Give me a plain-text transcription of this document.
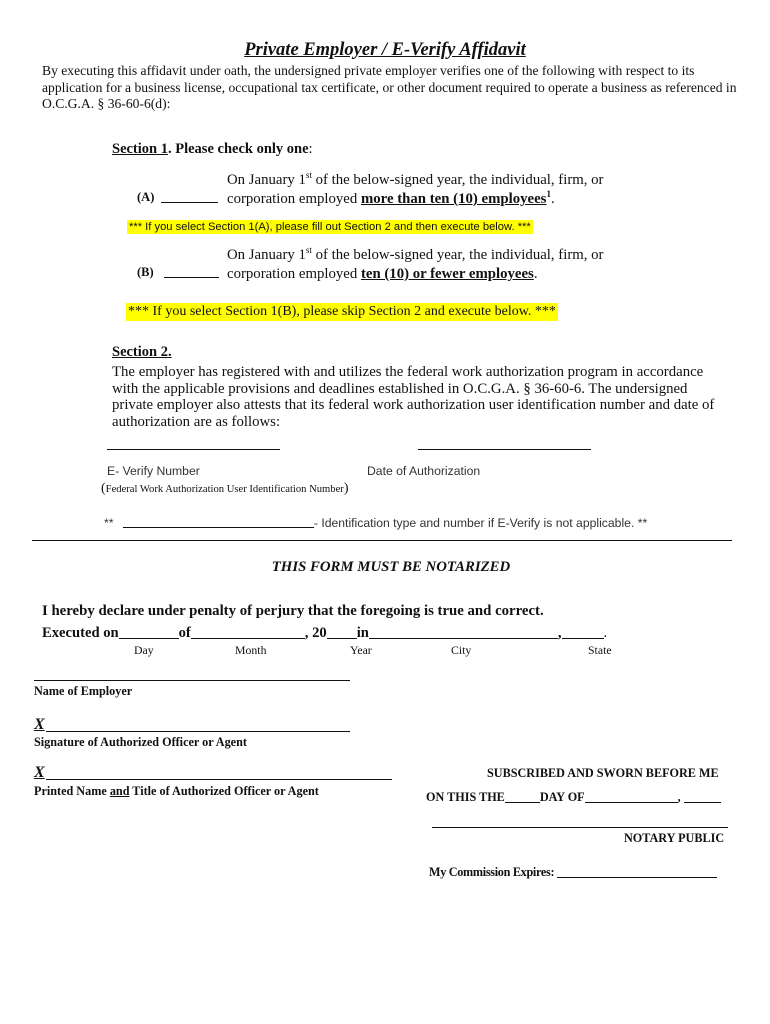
Private Employer / E-Verify Affidavit
By executing this affidavit under oath, the undersigned private employer verifies one of the following with respect to its application for a business license, occupational tax certificate, or other document required to operate a business as referenced in O.C.G.A. § 36-60-6(d):
Section 1. Please check only one:
(A)
On January 1st of the below-signed year, the individual, firm, or
corporation employed more than ten (10) employees$^1$.
*** If you select Section 1(A), please fill out Section 2 and then execute below. ***
(B)
On January 1st of the below-signed year, the individual, firm, or
corporation employed ten (10) or fewer employees.
*** If you select Section 1(B), please skip Section 2 and execute below. ***
Section 2.
The employer has registered with and utilizes the federal work authorization program in accordance with the applicable provisions and deadlines established in O.C.G.A. § 36-60-6. The undersigned private employer also attests that its federal work authorization user identification number and date of authorization are as follows:
E- Verify Number	Date of Authorization
(Federal Work Authorization User Identification Number)
**	- Identification type and number if E-Verify is not applicable. **
THIS FORM MUST BE NOTARIZED
I hereby declare under penalty of perjury that the foregoing is true and correct.
Executed on	of	, 20 in	,	.
Day	Month	Year	City	State
Name of Employer
X
Signature of Authorized Officer or Agent
X
Printed Name and Title of Authorized Officer or Agent
SUBSCRIBED AND SWORN BEFORE ME
ON THIS THE	DAY OF	,
NOTARY PUBLIC
My Commission Expires:
